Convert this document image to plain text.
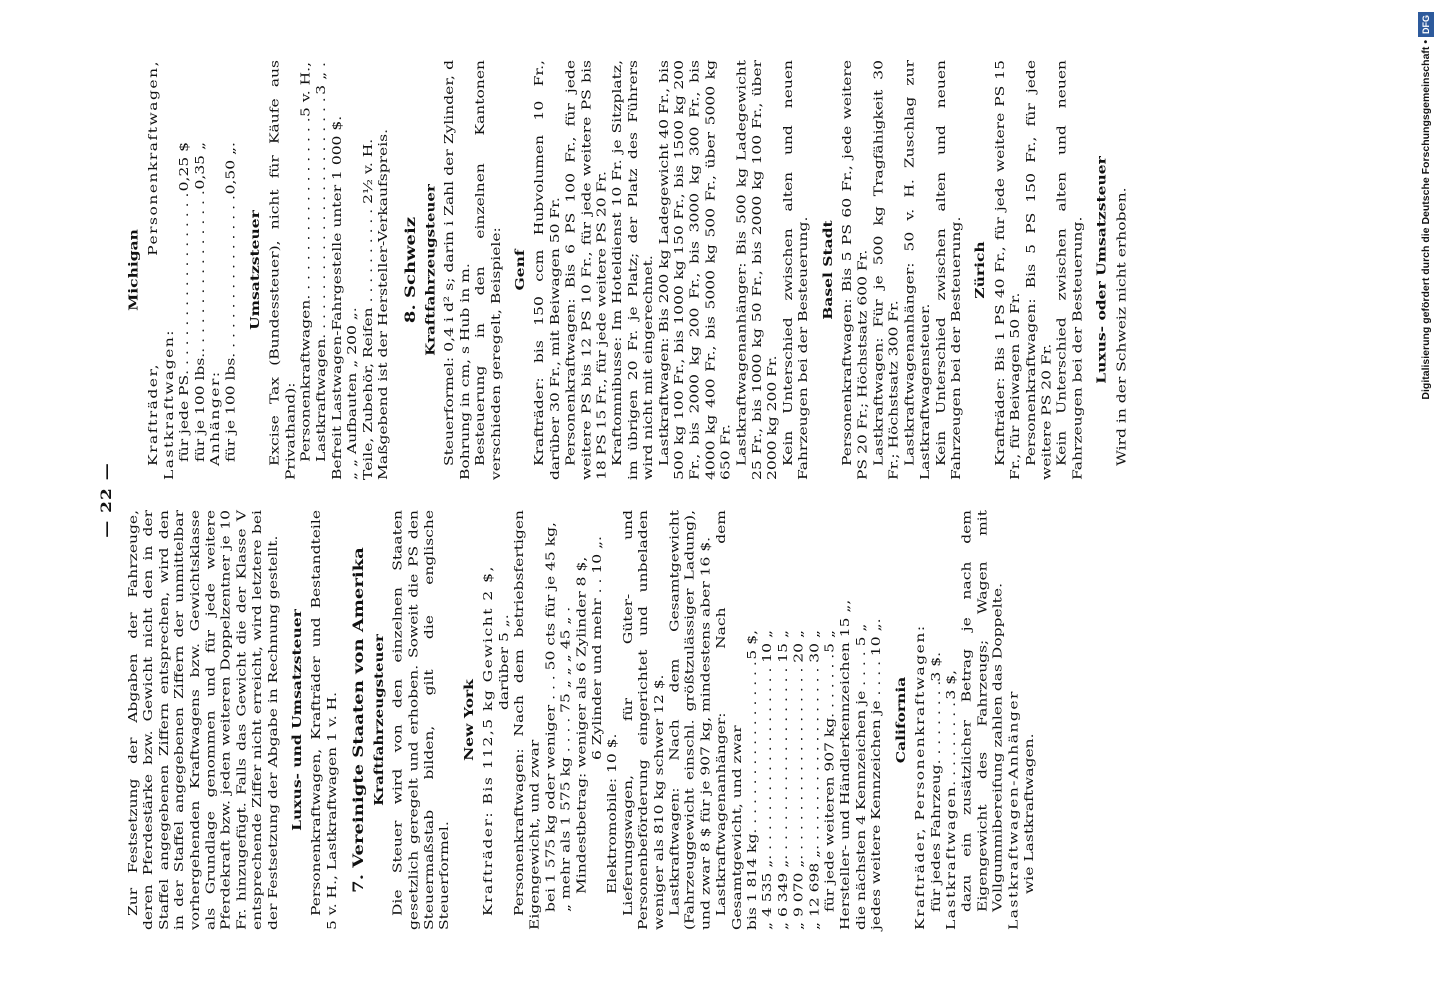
— 22 —

Zur Festsetzung der Abgaben der Fahrzeuge, deren Pferdestärke bzw. Gewicht nicht den in der Staffel angegebenen Ziffern entsprechen, wird den in der Staffel angegebenen Ziffern der unmittelbar vorhergehenden Kraftwagens bzw. Gewichtsklasse als Grundlage genommen und für jede weitere Pferdekraft bzw. jeden weiteren Doppelzentner je 10 Fr. hinzugefügt. Falls das Gewicht die der Klasse V entsprechende Ziffer nicht erreicht, wird letztere bei der Festsetzung der Abgabe in Rechnung gestellt. Luxus- und Umsatzsteuer Personenkraftwagen, Krafträder und Bestandteile 5 v. H., Lastkraftwagen 1 v. H. 7. Vereinigte Staaten von Amerika Kraftfahrzeugsteuer Die Steuer wird von den einzelnen Staaten gesetzlich geregelt und erhoben. Soweit die PS den Steuermaßstab bilden, gilt die englische Steuerformel.

New York Krafträder: Bis 112,5 kg Gewicht 2 $, darüber 5 „. Personenkraftwagen: Nach dem betriebsfertigen Eigengewicht, und zwar bei 1 575 kg oder weniger . . . 50 cts für je 45 kg, „ mehr als 1 575 kg . . . . 75 „ „ „ 45 „ . Mindestbetrag: weniger als 6 Zylinder 8 $, 6 Zylinder und mehr . . 10 „.

Elektromobile: 10 $. Lieferungswagen, für Güter- und Personenbeförderung eingerichtet und unbeladen weniger als 810 kg schwer 12 $. Lastkraftwagen: Nach dem Gesamtgewicht (Fahrzeuggewicht einschl. größtzulässiger Ladung), und zwar 8 $ für je 907 kg, mindestens aber 16 $. Lastkraftwagenanhänger: Nach dem Gesamtgewicht, und zwar bis 1 814 kg
. . .
5 $,
„ 4 535 „
. . .
10 „
„ 6 349 „
. . .
15 „
„ 9 070 „
. . .
20 „
„ 12 698 „
. . .
30 „
für jede weiteren 907 kg
. . .
5 „ Hersteller- und Händlerkennzeichen 15 „, die nächsten 4 Kennzeichen je . . . . 5 „ jedes weitere Kennzeichen je . . . . 10 „. California Krafträder, Personenkraftwagen: für jedes Fahrzeug
. . .
3 $.
Lastkraftwagen
. . .
3 $, dazu ein zusätzlicher Betrag je nach dem Eigengewicht des Fahrzeugs; Wagen mit Vollgummibereifung zahlen das Doppelte. Lastkraftwagen-Anhänger wie Lastkraftwagen.

Michigan Krafträder, Personenkraftwagen, Lastkraftwagen: für jede PS
. . .
0,25 $
für je 100 lbs.
. . .
0,35 „

Anhänger: für je 100 lbs
. . .
0,50 „.
Umsatzsteuer Excise Tax (Bundessteuer), nicht für Käufe aus Privathand): Personenkraftwagen
. . .
5 v. H.,
Lastkraftwagen
. . .
3 „ .

Befreit Lastwagen-Fahrgestelle unter 1 000 $. „ „ Aufbauten „ 200 „. Teile, Zubehör, Reifen . . . . . . . . . . 2½ v. H. Maßgebend ist der Hersteller-Verkaufspreis. 8. Schweiz Kraftfahrzeugsteuer Steuerformel: 0,4 i d² s; darin i Zahl der Zylinder, d Bohrung in cm, s Hub in m. Besteuerung in den einzelnen Kantonen verschieden geregelt, Beispiele: Genf Krafträder: bis 150 ccm Hubvolumen 10 Fr., darüber 30 Fr., mit Beiwagen 50 Fr. Personenkraftwagen: Bis 6 PS 100 Fr., für jede weitere PS bis 12 PS 10 Fr., für jede weitere PS bis 18 PS 15 Fr., für jede weitere PS 20 Fr. Kraftomnibusse: Im Hoteldienst 10 Fr. je Sitzplatz, im übrigen 20 Fr. je Platz; der Platz des Führers wird nicht mit eingerechnet. Lastkraftwagen: Bis 200 kg Ladegewicht 40 Fr., bis 500 kg 100 Fr., bis 1000 kg 150 Fr., bis 1500 kg 200 Fr., bis 2000 kg 200 Fr., bis 3000 kg 300 Fr., bis 4000 kg 400 Fr., bis 5000 kg 500 Fr., über 5000 kg 650 Fr. Lastkraftwagenanhänger: Bis 500 kg Ladegewicht 25 Fr., bis 1000 kg 50 Fr., bis 2000 kg 100 Fr., über 2000 kg 200 Fr. Kein Unterschied zwischen alten und neuen Fahrzeugen bei der Besteuerung. Basel Stadt Personenkraftwagen: Bis 5 PS 60 Fr., jede weitere PS 20 Fr.; Höchstsatz 600 Fr. Lastkraftwagen: Für je 500 kg Tragfähigkeit 30 Fr.; Höchstsatz 300 Fr. Lastkraftwagenanhänger: 50 v. H. Zuschlag zur Lastkraftwagensteuer. Kein Unterschied zwischen alten und neuen Fahrzeugen bei der Besteuerung. Zürich Krafträder: Bis 1 PS 40 Fr., für jede weitere PS 15 Fr., für Beiwagen 50 Fr. Personenkraftwagen: Bis 5 PS 150 Fr., für jede weitere PS 20 Fr. Kein Unterschied zwischen alten und neuen Fahrzeugen bei der Besteuerung. Luxus- oder Umsatzsteuer Wird in der Schweiz nicht erhoben.	Digitalisierung gefördert durch die Deutsche Forschungsgemeinschaft •DFG
